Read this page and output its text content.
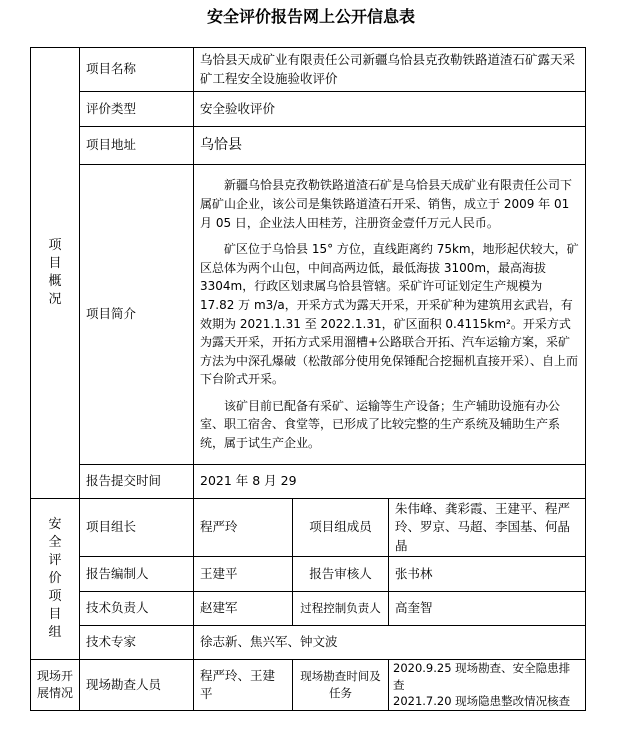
安全评价报告网上公开信息表
项目概况	项目名称	乌恰县天成矿业有限责任公司新疆乌恰县克孜勒铁路道渣石矿露天采矿工程安全设施验收评价		
	评价类型	安全验收评价		
	项目地址	乌恰县		
	项目简介	新疆乌恰县克孜勒铁路道渣石矿是乌恰县天成矿业有限责任公司下属矿山企业，该公司是集铁路道渣石开采、销售，成立于 2009 年 01 月 05 日，企业法人田桂芳，注册资金壹仟万元人民币。

矿区位于乌恰县 15° 方位，直线距离约 75km，地形起伏较大，矿区总体为两个山包，中间高两边低，最低海拔 3100m，最高海拔 3304m，行政区划隶属乌恰县管辖。采矿许可证划定生产规模为 17.82 万 m3/a，开采方式为露天开采，开采矿种为建筑用玄武岩，有效期为 2021.1.31 至 2022.1.31，矿区面积 0.4115km²。开采方式为露天开采，开拓方式采用溜槽+公路联合开拓、汽车运输方案，采矿方法为中深孔爆破（松散部分使用免保锤配合挖掘机直接开采）、自上而下台阶式开采。

该矿目前已配备有采矿、运输等生产设备；生产辅助设施有办公室、职工宿舍、食堂等，已形成了比较完整的生产系统及辅助生产系统，属于试生产企业。		

	报告提交时间	2021 年 8 月 29		
安全评价项目组	项目组长	程严玲	项目组成员	朱伟峰、龚彩霞、王建平、程严玲、罗京、马超、李国基、何晶晶
	报告编制人	王建平	报告审核人	张书林
	技术负责人	赵建军	过程控制负责人	高奎智
	技术专家	徐志新、焦兴军、钟文波		
现场开展情况	现场勘查人员	程严玲、王建平	现场勘查时间及任务	2020.9.25 现场勘查、安全隐患排查
2021.7.20 现场隐患整改情况核查
